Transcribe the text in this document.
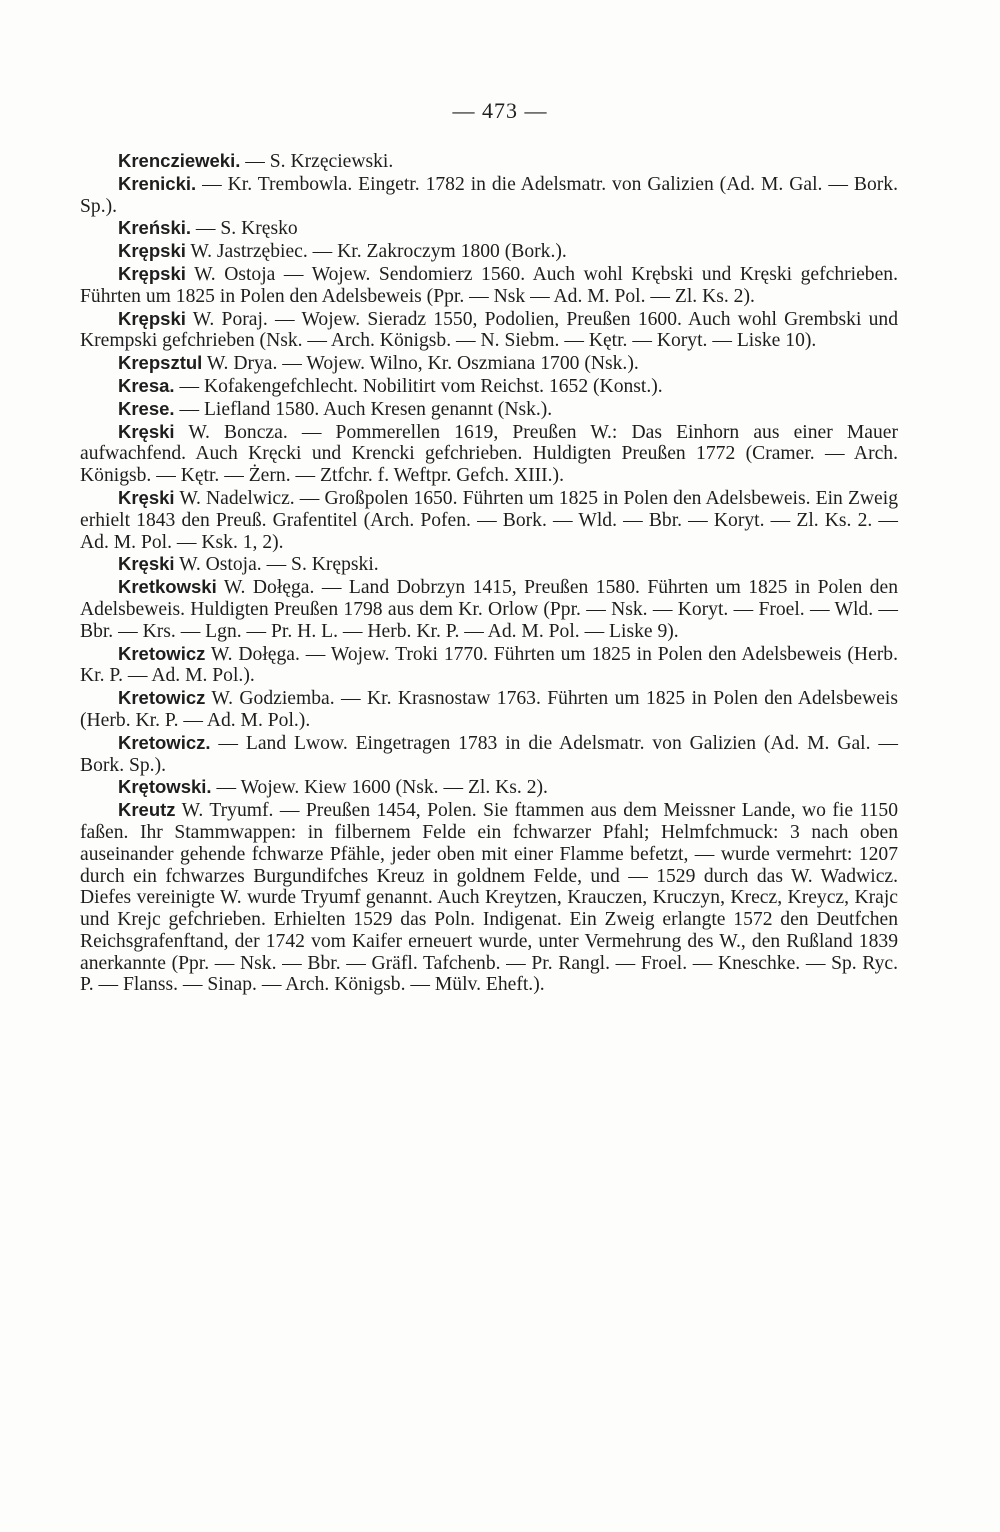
— 473 —

Krenczieweki. — S. Krzęciewski.

Krenicki. — Kr. Trembowla. Eingetr. 1782 in die Adelsmatr. von Galizien (Ad. M. Gal. — Bork. Sp.).

Kreński. — S. Kręsko

Krępski W. Jastrzębiec. — Kr. Zakroczym 1800 (Bork.).

Krępski W. Ostoja — Wojew. Sendomierz 1560. Auch wohl Krębski und Kręski gefchrieben. Führten um 1825 in Polen den Adelsbeweis (Ppr. — Nsk — Ad. M. Pol. — Zl. Ks. 2).

Krępski W. Poraj. — Wojew. Sieradz 1550, Podolien, Preußen 1600. Auch wohl Grembski und Krempski gefchrieben (Nsk. — Arch. Königsb. — N. Siebm. — Kętr. — Koryt. — Liske 10).

Krepsztul W. Drya. — Wojew. Wilno, Kr. Oszmiana 1700 (Nsk.).

Kresa. — Kofakengefchlecht. Nobilitirt vom Reichst. 1652 (Konst.).

Krese. — Liefland 1580. Auch Kresen genannt (Nsk.).

Kręski W. Boncza. — Pommerellen 1619, Preußen W.: Das Einhorn aus einer Mauer aufwachfend. Auch Kręcki und Krencki gefchrieben. Huldigten Preußen 1772 (Cramer. — Arch. Königsb. — Kętr. — Żern. — Ztfchr. f. Weftpr. Gefch. XIII.).

Kręski W. Nadelwicz. — Großpolen 1650. Führten um 1825 in Polen den Adelsbeweis. Ein Zweig erhielt 1843 den Preuß. Grafentitel (Arch. Pofen. — Bork. — Wld. — Bbr. — Koryt. — Zl. Ks. 2. — Ad. M. Pol. — Ksk. 1, 2).

Kręski W. Ostoja. — S. Krępski.

Kretkowski W. Dołęga. — Land Dobrzyn 1415, Preußen 1580. Führten um 1825 in Polen den Adelsbeweis. Huldigten Preußen 1798 aus dem Kr. Orlow (Ppr. — Nsk. — Koryt. — Froel. — Wld. — Bbr. — Krs. — Lgn. — Pr. H. L. — Herb. Kr. P. — Ad. M. Pol. — Liske 9).

Kretowicz W. Dołęga. — Wojew. Troki 1770. Führten um 1825 in Polen den Adelsbeweis (Herb. Kr. P. — Ad. M. Pol.).

Kretowicz W. Godziemba. — Kr. Krasnostaw 1763. Führten um 1825 in Polen den Adelsbeweis (Herb. Kr. P. — Ad. M. Pol.).

Kretowicz. — Land Lwow. Eingetragen 1783 in die Adelsmatr. von Galizien (Ad. M. Gal. — Bork. Sp.).

Krętowski. — Wojew. Kiew 1600 (Nsk. — Zl. Ks. 2).

Kreutz W. Tryumf. — Preußen 1454, Polen. Sie ftammen aus dem Meissner Lande, wo fie 1150 faßen. Ihr Stammwappen: in filbernem Felde ein fchwarzer Pfahl; Helmfchmuck: 3 nach oben auseinander gehende fchwarze Pfähle, jeder oben mit einer Flamme befetzt, — wurde vermehrt: 1207 durch ein fchwarzes Burgundifches Kreuz in goldnem Felde, und — 1529 durch das W. Wadwicz. Diefes vereinigte W. wurde Tryumf genannt. Auch Kreytzen, Krauczen, Kruczyn, Krecz, Kreycz, Krajc und Krejc gefchrieben. Erhielten 1529 das Poln. Indigenat. Ein Zweig erlangte 1572 den Deutfchen Reichsgrafenftand, der 1742 vom Kaifer erneuert wurde, unter Vermehrung des W., den Rußland 1839 anerkannte (Ppr. — Nsk. — Bbr. — Gräfl. Tafchenb. — Pr. Rangl. — Froel. — Kneschke. — Sp. Ryc. P. — Flanss. — Sinap. — Arch. Königsb. — Mülv. Eheft.).
